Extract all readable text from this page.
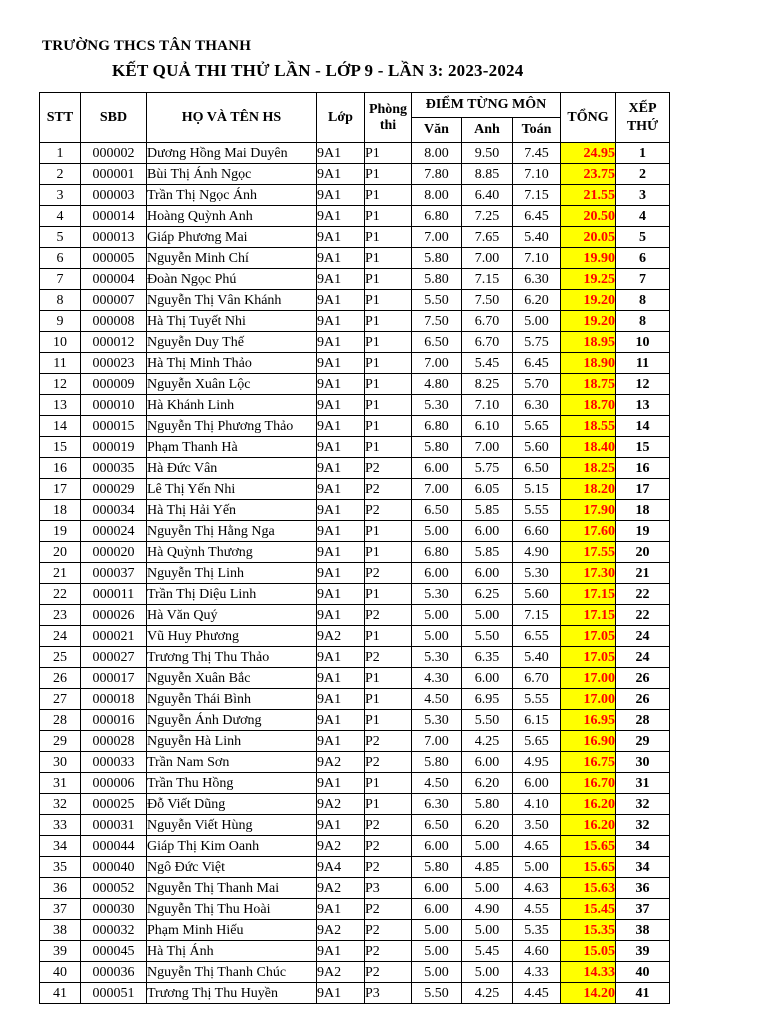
TRƯỜNG THCS TÂN THANH
KẾT QUẢ THI THỬ LẦN - LỚP 9 - LẦN 3: 2023-2024
STT	SBD	HỌ VÀ TÊN HS	Lớp	Phòng
thi	ĐIỂM TỪNG MÔN			TỔNG	XẾP
THỨ
					Văn	Anh	Toán		
1	000002	Dương Hồng Mai Duyên	9A1	P1	8.00	9.50	7.45	24.95	1
2	000001	Bùi Thị Ánh Ngọc	9A1	P1	7.80	8.85	7.10	23.75	2
3	000003	Trần Thị Ngọc Ánh	9A1	P1	8.00	6.40	7.15	21.55	3
4	000014	Hoàng Quỳnh Anh	9A1	P1	6.80	7.25	6.45	20.50	4
5	000013	Giáp Phương Mai	9A1	P1	7.00	7.65	5.40	20.05	5
6	000005	Nguyễn Minh Chí	9A1	P1	5.80	7.00	7.10	19.90	6
7	000004	Đoàn Ngọc Phú	9A1	P1	5.80	7.15	6.30	19.25	7
8	000007	Nguyễn Thị Vân Khánh	9A1	P1	5.50	7.50	6.20	19.20	8
9	000008	Hà Thị Tuyết Nhi	9A1	P1	7.50	6.70	5.00	19.20	8
10	000012	Nguyễn Duy Thế	9A1	P1	6.50	6.70	5.75	18.95	10
11	000023	Hà Thị Minh Thảo	9A1	P1	7.00	5.45	6.45	18.90	11
12	000009	Nguyễn Xuân Lộc	9A1	P1	4.80	8.25	5.70	18.75	12
13	000010	Hà Khánh Linh	9A1	P1	5.30	7.10	6.30	18.70	13
14	000015	Nguyễn Thị Phương Thảo	9A1	P1	6.80	6.10	5.65	18.55	14
15	000019	Phạm Thanh Hà	9A1	P1	5.80	7.00	5.60	18.40	15
16	000035	Hà Đức Vân	9A1	P2	6.00	5.75	6.50	18.25	16
17	000029	Lê Thị Yến Nhi	9A1	P2	7.00	6.05	5.15	18.20	17
18	000034	Hà Thị Hải Yến	9A1	P2	6.50	5.85	5.55	17.90	18
19	000024	Nguyễn Thị Hằng Nga	9A1	P1	5.00	6.00	6.60	17.60	19
20	000020	Hà Quỳnh Thương	9A1	P1	6.80	5.85	4.90	17.55	20
21	000037	Nguyễn Thị Linh	9A1	P2	6.00	6.00	5.30	17.30	21
22	000011	Trần Thị Diệu Linh	9A1	P1	5.30	6.25	5.60	17.15	22
23	000026	Hà Văn Quý	9A1	P2	5.00	5.00	7.15	17.15	22
24	000021	Vũ Huy Phương	9A2	P1	5.00	5.50	6.55	17.05	24
25	000027	Trương Thị Thu Thảo	9A1	P2	5.30	6.35	5.40	17.05	24
26	000017	Nguyễn Xuân Bắc	9A1	P1	4.30	6.00	6.70	17.00	26
27	000018	Nguyễn Thái Bình	9A1	P1	4.50	6.95	5.55	17.00	26
28	000016	Nguyễn Ánh Dương	9A1	P1	5.30	5.50	6.15	16.95	28
29	000028	Nguyễn Hà Linh	9A1	P2	7.00	4.25	5.65	16.90	29
30	000033	Trần Nam Sơn	9A2	P2	5.80	6.00	4.95	16.75	30
31	000006	Trần Thu Hồng	9A1	P1	4.50	6.20	6.00	16.70	31
32	000025	Đỗ Viết Dũng	9A2	P1	6.30	5.80	4.10	16.20	32
33	000031	Nguyễn Viết Hùng	9A1	P2	6.50	6.20	3.50	16.20	32
34	000044	Giáp Thị Kim Oanh	9A2	P2	6.00	5.00	4.65	15.65	34
35	000040	Ngô Đức Việt	9A4	P2	5.80	4.85	5.00	15.65	34
36	000052	Nguyễn Thị Thanh Mai	9A2	P3	6.00	5.00	4.63	15.63	36
37	000030	Nguyễn Thị Thu Hoài	9A1	P2	6.00	4.90	4.55	15.45	37
38	000032	Phạm Minh Hiếu	9A2	P2	5.00	5.00	5.35	15.35	38
39	000045	Hà Thị Ánh	9A1	P2	5.00	5.45	4.60	15.05	39
40	000036	Nguyễn Thị Thanh Chúc	9A2	P2	5.00	5.00	4.33	14.33	40
41	000051	Trương Thị Thu Huyền	9A1	P3	5.50	4.25	4.45	14.20	41
